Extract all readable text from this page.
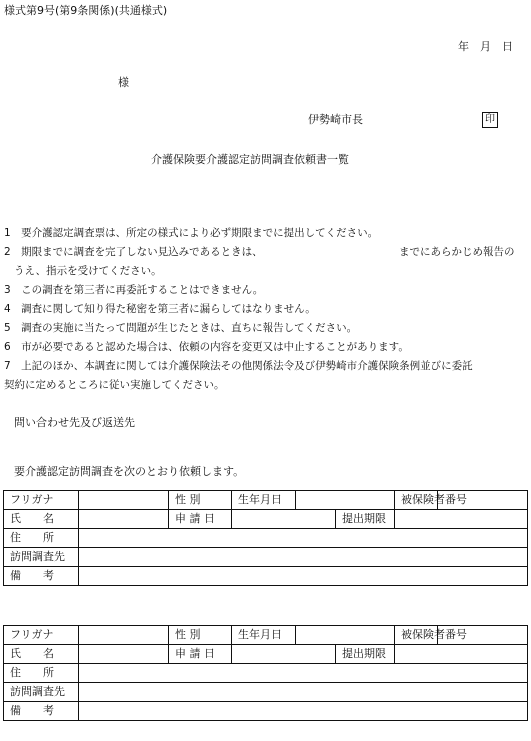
様式第9号(第9条関係)(共通様式)
年　月　日
様
伊勢崎市長	印
介護保険要介護認定訪問調査依頼書一覧
1　要介護認定調査票は、所定の様式により必ず期限までに提出してください。
2　期限までに調査を完了しない見込みであるときは、	までにあらかじめ報告の
うえ、指示を受けてください。
3　この調査を第三者に再委託することはできません。
4　調査に関して知り得た秘密を第三者に漏らしてはなりません。
5　調査の実施に当たって問題が生じたときは、直ちに報告してください。
6　市が必要であると認めた場合は、依頼の内容を変更又は中止することがあります。
7　上記のほか、本調査に関しては介護保険法その他関係法令及び伊勢崎市介護保険条例並びに委託
契約に定めるところに従い実施してください。
問い合わせ先及び返送先
要介護認定訪問調査を次のとおり依頼します。
フリガナ		性 別	生年月日			被保険者番号	
氏　　名		申 請 日			提出期限		
住　　所							
訪問調査先							
備　　考							
フリガナ		性 別	生年月日			被保険者番号	
氏　　名		申 請 日			提出期限		
住　　所							
訪問調査先							
備　　考							
